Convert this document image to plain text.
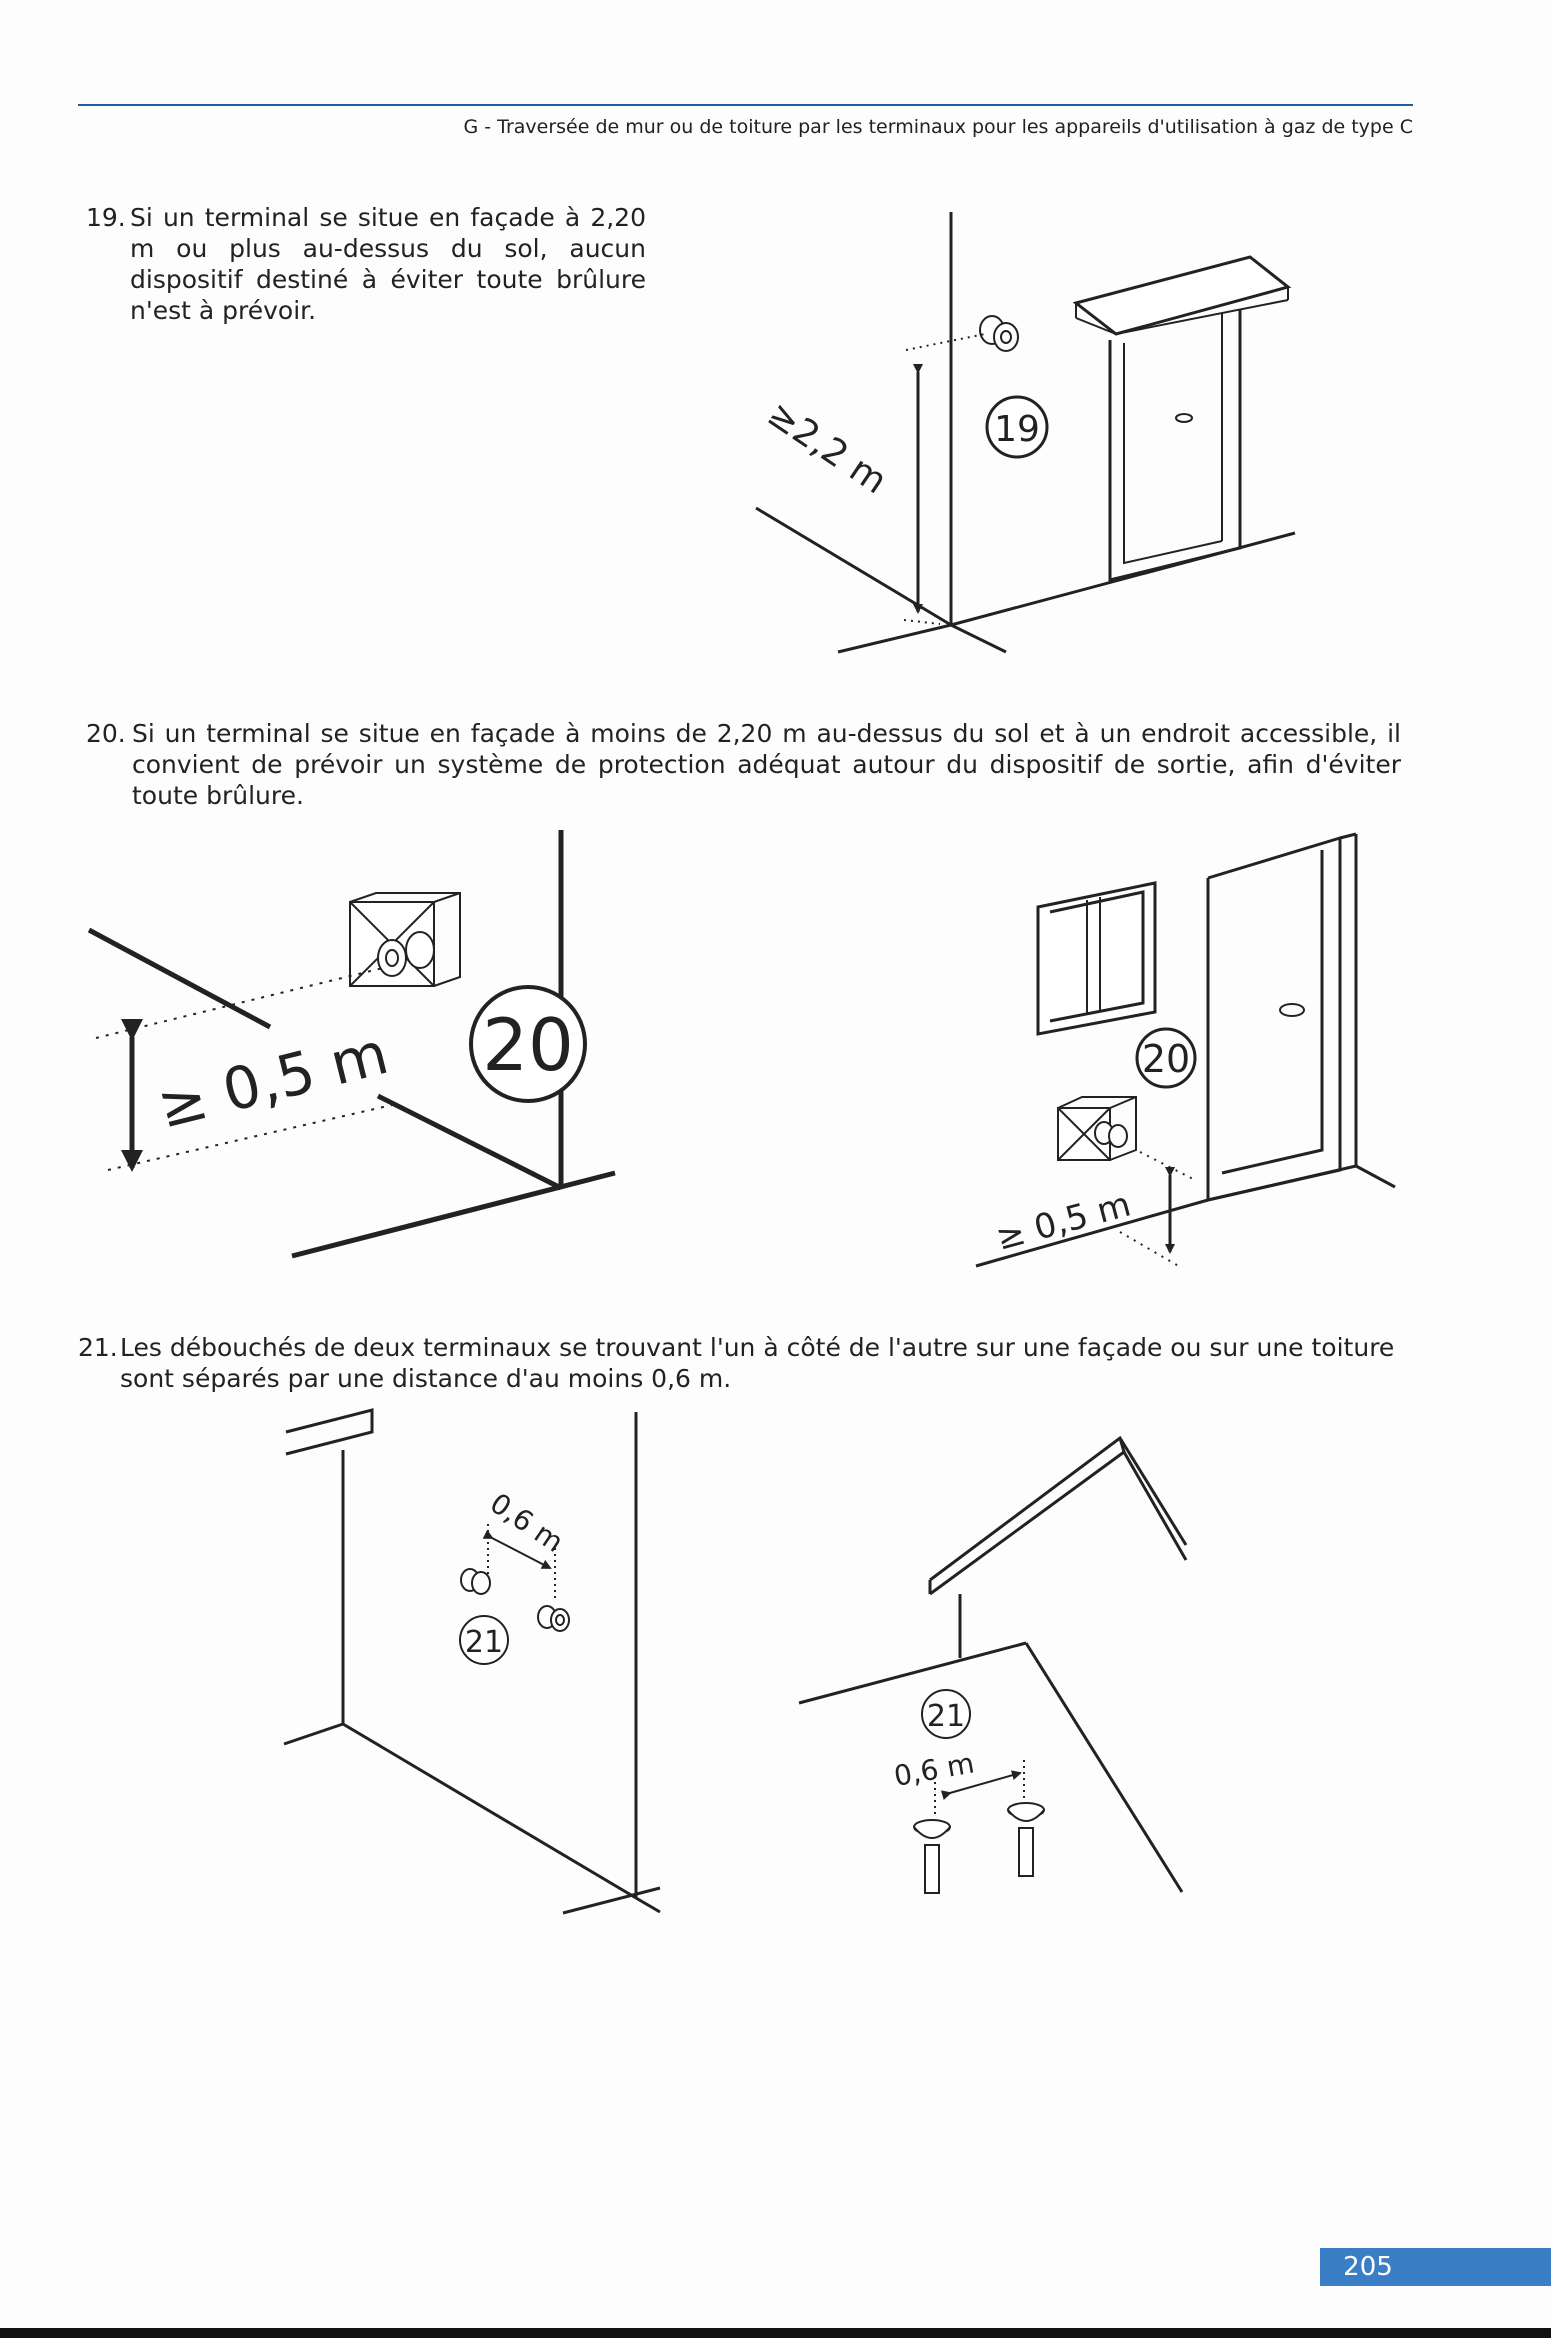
G - Traversée de mur ou de toiture par les terminaux pour les appareils d'utilisation à gaz de type C
19. Si un terminal se situe en façade à 2,20 m ou plus au-dessus du sol, aucun dispositif destiné à éviter toute brûlure n'est à prévoir.
20. Si un terminal se situe en façade à moins de 2,20 m au-dessus du sol et à un endroit accessible, il convient de prévoir un système de protection adéquat autour du dispositif de sortie, afin d'éviter toute brûlure.
21. Les débouchés de deux terminaux se trouvant l'un à côté de l'autre sur une façade ou sur une toiture sont séparés par une distance d'au moins 0,6 m.
19
≥2,2 m
20
≥ 0,5 m	20
≥ 0,5 m
21
0,6 m
21
0,6 m
205
